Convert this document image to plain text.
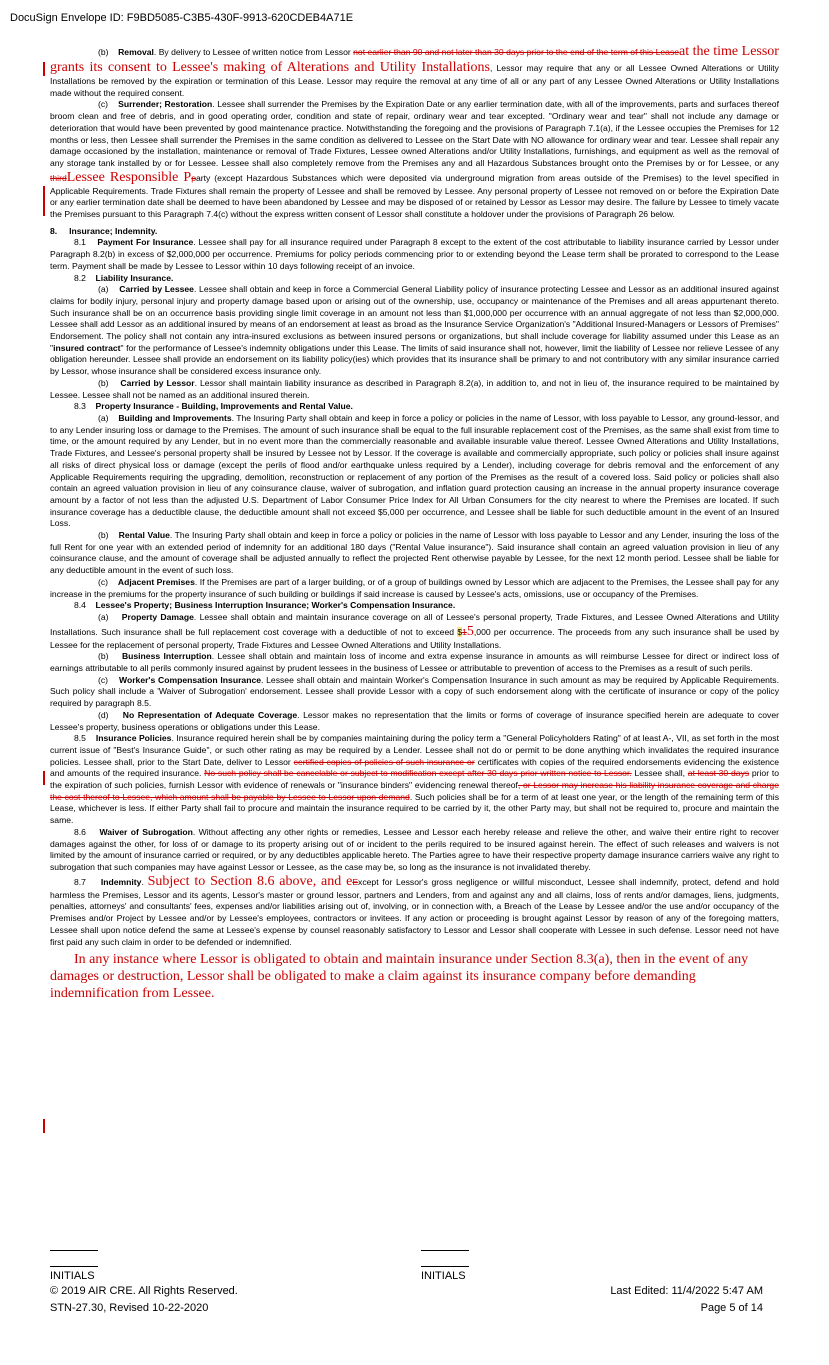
DocuSign Envelope ID: F9BD5085-C3B5-430F-9913-620CDEB4A71E

(b) Removal. By delivery to Lessee of written notice from Lessor not earlier than 90 and not later than 30 days prior to the end of the term of this Leaseat the time Lessor grants its consent to Lessee's making of Alterations and Utility Installations, Lessor may require that any or all Lessee Owned Alterations or Utility Installations be removed by the expiration or termination of this Lease. Lessor may require the removal at any time of all or any part of any Lessee Owned Alterations or Utility Installations made without the required consent.

(c) Surrender; Restoration. Lessee shall surrender the Premises by the Expiration Date or any earlier termination date, with all of the improvements, parts and surfaces thereof broom clean and free of debris, and in good operating order, condition and state of repair, ordinary wear and tear excepted. "Ordinary wear and tear" shall not include any damage or deterioration that would have been prevented by good maintenance practice. Notwithstanding the foregoing and the provisions of Paragraph 7.1(a), if the Lessee occupies the Premises for 12 months or less, then Lessee shall surrender the Premises in the same condition as delivered to Lessee on the Start Date with NO allowance for ordinary wear and tear. Lessee shall repair any damage occasioned by the installation, maintenance or removal of Trade Fixtures, Lessee owned Alterations and/or Utility Installations, furnishings, and equipment as well as the removal of any storage tank installed by or for Lessee. Lessee shall also completely remove from the Premises any and all Hazardous Substances brought onto the Premises by or for Lessee, or any thirdLessee Responsible Pparty (except Hazardous Substances which were deposited via underground migration from areas outside of the Premises) to the level specified in Applicable Requirements. Trade Fixtures shall remain the property of Lessee and shall be removed by Lessee. Any personal property of Lessee not removed on or before the Expiration Date or any earlier termination date shall be deemed to have been abandoned by Lessee and may be disposed of or retained by Lessor as Lessor may desire. The failure by Lessee to timely vacate the Premises pursuant to this Paragraph 7.4(c) without the express written consent of Lessor shall constitute a holdover under the provisions of Paragraph 26 below.

8. Insurance; Indemnity.

8.1 Payment For Insurance. Lessee shall pay for all insurance required under Paragraph 8 except to the extent of the cost attributable to liability insurance carried by Lessor under Paragraph 8.2(b) in excess of $2,000,000 per occurrence. Premiums for policy periods commencing prior to or extending beyond the Lease term shall be prorated to correspond to the Lease term. Payment shall be made by Lessee to Lessor within 10 days following receipt of an invoice.

8.2 Liability Insurance.

(a) Carried by Lessee. Lessee shall obtain and keep in force a Commercial General Liability policy of insurance protecting Lessee and Lessor as an additional insured against claims for bodily injury, personal injury and property damage based upon or arising out of the ownership, use, occupancy or maintenance of the Premises and all areas appurtenant thereto. Such insurance shall be on an occurrence basis providing single limit coverage in an amount not less than $1,000,000 per occurrence with an annual aggregate of not less than $2,000,000. Lessee shall add Lessor as an additional insured by means of an endorsement at least as broad as the Insurance Service Organization's "Additional Insured-Managers or Lessors of Premises" Endorsement. The policy shall not contain any intra-insured exclusions as between insured persons or organizations, but shall include coverage for liability assumed under this Lease as an "insured contract" for the performance of Lessee's indemnity obligations under this Lease. The limits of said insurance shall not, however, limit the liability of Lessee nor relieve Lessee of any obligation hereunder. Lessee shall provide an endorsement on its liability policy(ies) which provides that its insurance shall be primary to and not contributory with any similar insurance carried by Lessor, whose insurance shall be considered excess insurance only.

(b) Carried by Lessor. Lessor shall maintain liability insurance as described in Paragraph 8.2(a), in addition to, and not in lieu of, the insurance required to be maintained by Lessee. Lessee shall not be named as an additional insured therein.

8.3 Property Insurance - Building, Improvements and Rental Value.

(a) Building and Improvements. The Insuring Party shall obtain and keep in force a policy or policies in the name of Lessor, with loss payable to Lessor, any ground-lessor, and to any Lender insuring loss or damage to the Premises. The amount of such insurance shall be equal to the full insurable replacement cost of the Premises, as the same shall exist from time to time, or the amount required by any Lender, but in no event more than the commercially reasonable and available insurable value thereof. Lessee Owned Alterations and Utility Installations, Trade Fixtures, and Lessee's personal property shall be insured by Lessee not by Lessor. If the coverage is available and commercially appropriate, such policy or policies shall insure against all risks of direct physical loss or damage (except the perils of flood and/or earthquake unless required by a Lender), including coverage for debris removal and the enforcement of any Applicable Requirements requiring the upgrading, demolition, reconstruction or replacement of any portion of the Premises as the result of a covered loss. Said policy or policies shall also contain an agreed valuation provision in lieu of any coinsurance clause, waiver of subrogation, and inflation guard protection causing an increase in the annual property insurance coverage amount by a factor of not less than the adjusted U.S. Department of Labor Consumer Price Index for All Urban Consumers for the city nearest to where the Premises are located. If such insurance coverage has a deductible clause, the deductible amount shall not exceed $5,000 per occurrence, and Lessee shall be liable for such deductible amount in the event of an Insured Loss.

(b) Rental Value. The Insuring Party shall obtain and keep in force a policy or policies in the name of Lessor with loss payable to Lessor and any Lender, insuring the loss of the full Rent for one year with an extended period of indemnity for an additional 180 days ("Rental Value insurance"). Said insurance shall contain an agreed valuation provision in lieu of any coinsurance clause, and the amount of coverage shall be adjusted annually to reflect the projected Rent otherwise payable by Lessee, for the next 12 month period. Lessee shall be liable for any deductible amount in the event of such loss.

(c) Adjacent Premises. If the Premises are part of a larger building, or of a group of buildings owned by Lessor which are adjacent to the Premises, the Lessee shall pay for any increase in the premiums for the property insurance of such building or buildings if said increase is caused by Lessee's acts, omissions, use or occupancy of the Premises.

8.4 Lessee's Property; Business Interruption Insurance; Worker's Compensation Insurance.

(a) Property Damage. Lessee shall obtain and maintain insurance coverage on all of Lessee's personal property, Trade Fixtures, and Lessee Owned Alterations and Utility Installations. Such insurance shall be full replacement cost coverage with a deductible of not to exceed $15,000 per occurrence. The proceeds from any such insurance shall be used by Lessee for the replacement of personal property, Trade Fixtures and Lessee Owned Alterations and Utility Installations.

(b) Business Interruption. Lessee shall obtain and maintain loss of income and extra expense insurance in amounts as will reimburse Lessee for direct or indirect loss of earnings attributable to all perils commonly insured against by prudent lessees in the business of Lessee or attributable to prevention of access to the Premises as a result of such perils.

(c) Worker's Compensation Insurance. Lessee shall obtain and maintain Worker's Compensation Insurance in such amount as may be required by Applicable Requirements. Such policy shall include a 'Waiver of Subrogation' endorsement. Lessee shall provide Lessor with a copy of such endorsement along with the certificate of insurance or copy of the policy required by paragraph 8.5.

(d) No Representation of Adequate Coverage. Lessor makes no representation that the limits or forms of coverage of insurance specified herein are adequate to cover Lessee's property, business operations or obligations under this Lease.

8.5 Insurance Policies. Insurance required herein shall be by companies maintaining during the policy term a "General Policyholders Rating" of at least A-, VII, as set forth in the most current issue of "Best's Insurance Guide", or such other rating as may be required by a Lender. Lessee shall not do or permit to be done anything which invalidates the required insurance policies. Lessee shall, prior to the Start Date, deliver to Lessor certified copies of policies of such insurance or certificates with copies of the required endorsements evidencing the existence and amounts of the required insurance. No such policy shall be cancelable or subject to modification except after 30 days prior written notice to Lessor. Lessee shall, at least 30 days prior to the expiration of such policies, furnish Lessor with evidence of renewals or "insurance binders" evidencing renewal thereof, or Lessor may increase his liability insurance coverage and charge the cost thereof to Lessee, which amount shall be payable by Lessee to Lessor upon demand. Such policies shall be for a term of at least one year, or the length of the remaining term of this Lease, whichever is less. If either Party shall fail to procure and maintain the insurance required to be carried by it, the other Party may, but shall not be required to, procure and maintain the same.

8.6 Waiver of Subrogation. Without affecting any other rights or remedies, Lessee and Lessor each hereby release and relieve the other, and waive their entire right to recover damages against the other, for loss of or damage to its property arising out of or incident to the perils required to be insured against herein. The effect of such releases and waivers is not limited by the amount of insurance carried or required, or by any deductibles applicable hereto. The Parties agree to have their respective property damage insurance carriers waive any right to subrogation that such companies may have against Lessor or Lessee, as the case may be, so long as the insurance is not invalidated thereby.

8.7 Indemnity. Subject to Section 8.6 above, and eExcept for Lessor's gross negligence or willful misconduct, Lessee shall indemnify, protect, defend and hold harmless the Premises, Lessor and its agents, Lessor's master or ground lessor, partners and Lenders, from and against any and all claims, loss of rents and/or damages, liens, judgments, penalties, attorneys' and consultants' fees, expenses and/or liabilities arising out of, involving, or in connection with, a Breach of the Lease by Lessee and/or the use and/or occupancy of the Premises and/or Project by Lessee and/or by Lessee's employees, contractors or invitees. If any action or proceeding is brought against Lessor by reason of any of the foregoing matters, Lessee shall upon notice defend the same at Lessee's expense by counsel reasonably satisfactory to Lessor and Lessor shall cooperate with Lessee in such defense. Lessor need not have first paid any such claim in order to be defended or indemnified.

In any instance where Lessor is obligated to obtain and maintain insurance under Section 8.3(a), then in the event of any damages or destruction, Lessor shall be obligated to make a claim against its insurance company before demanding indemnification from Lessee.

INITIALS	INITIALS
© 2019 AIR CRE. All Rights Reserved.	Last Edited: 11/4/2022 5:47 AM
STN-27.30, Revised 10-22-2020	Page 5 of 14
